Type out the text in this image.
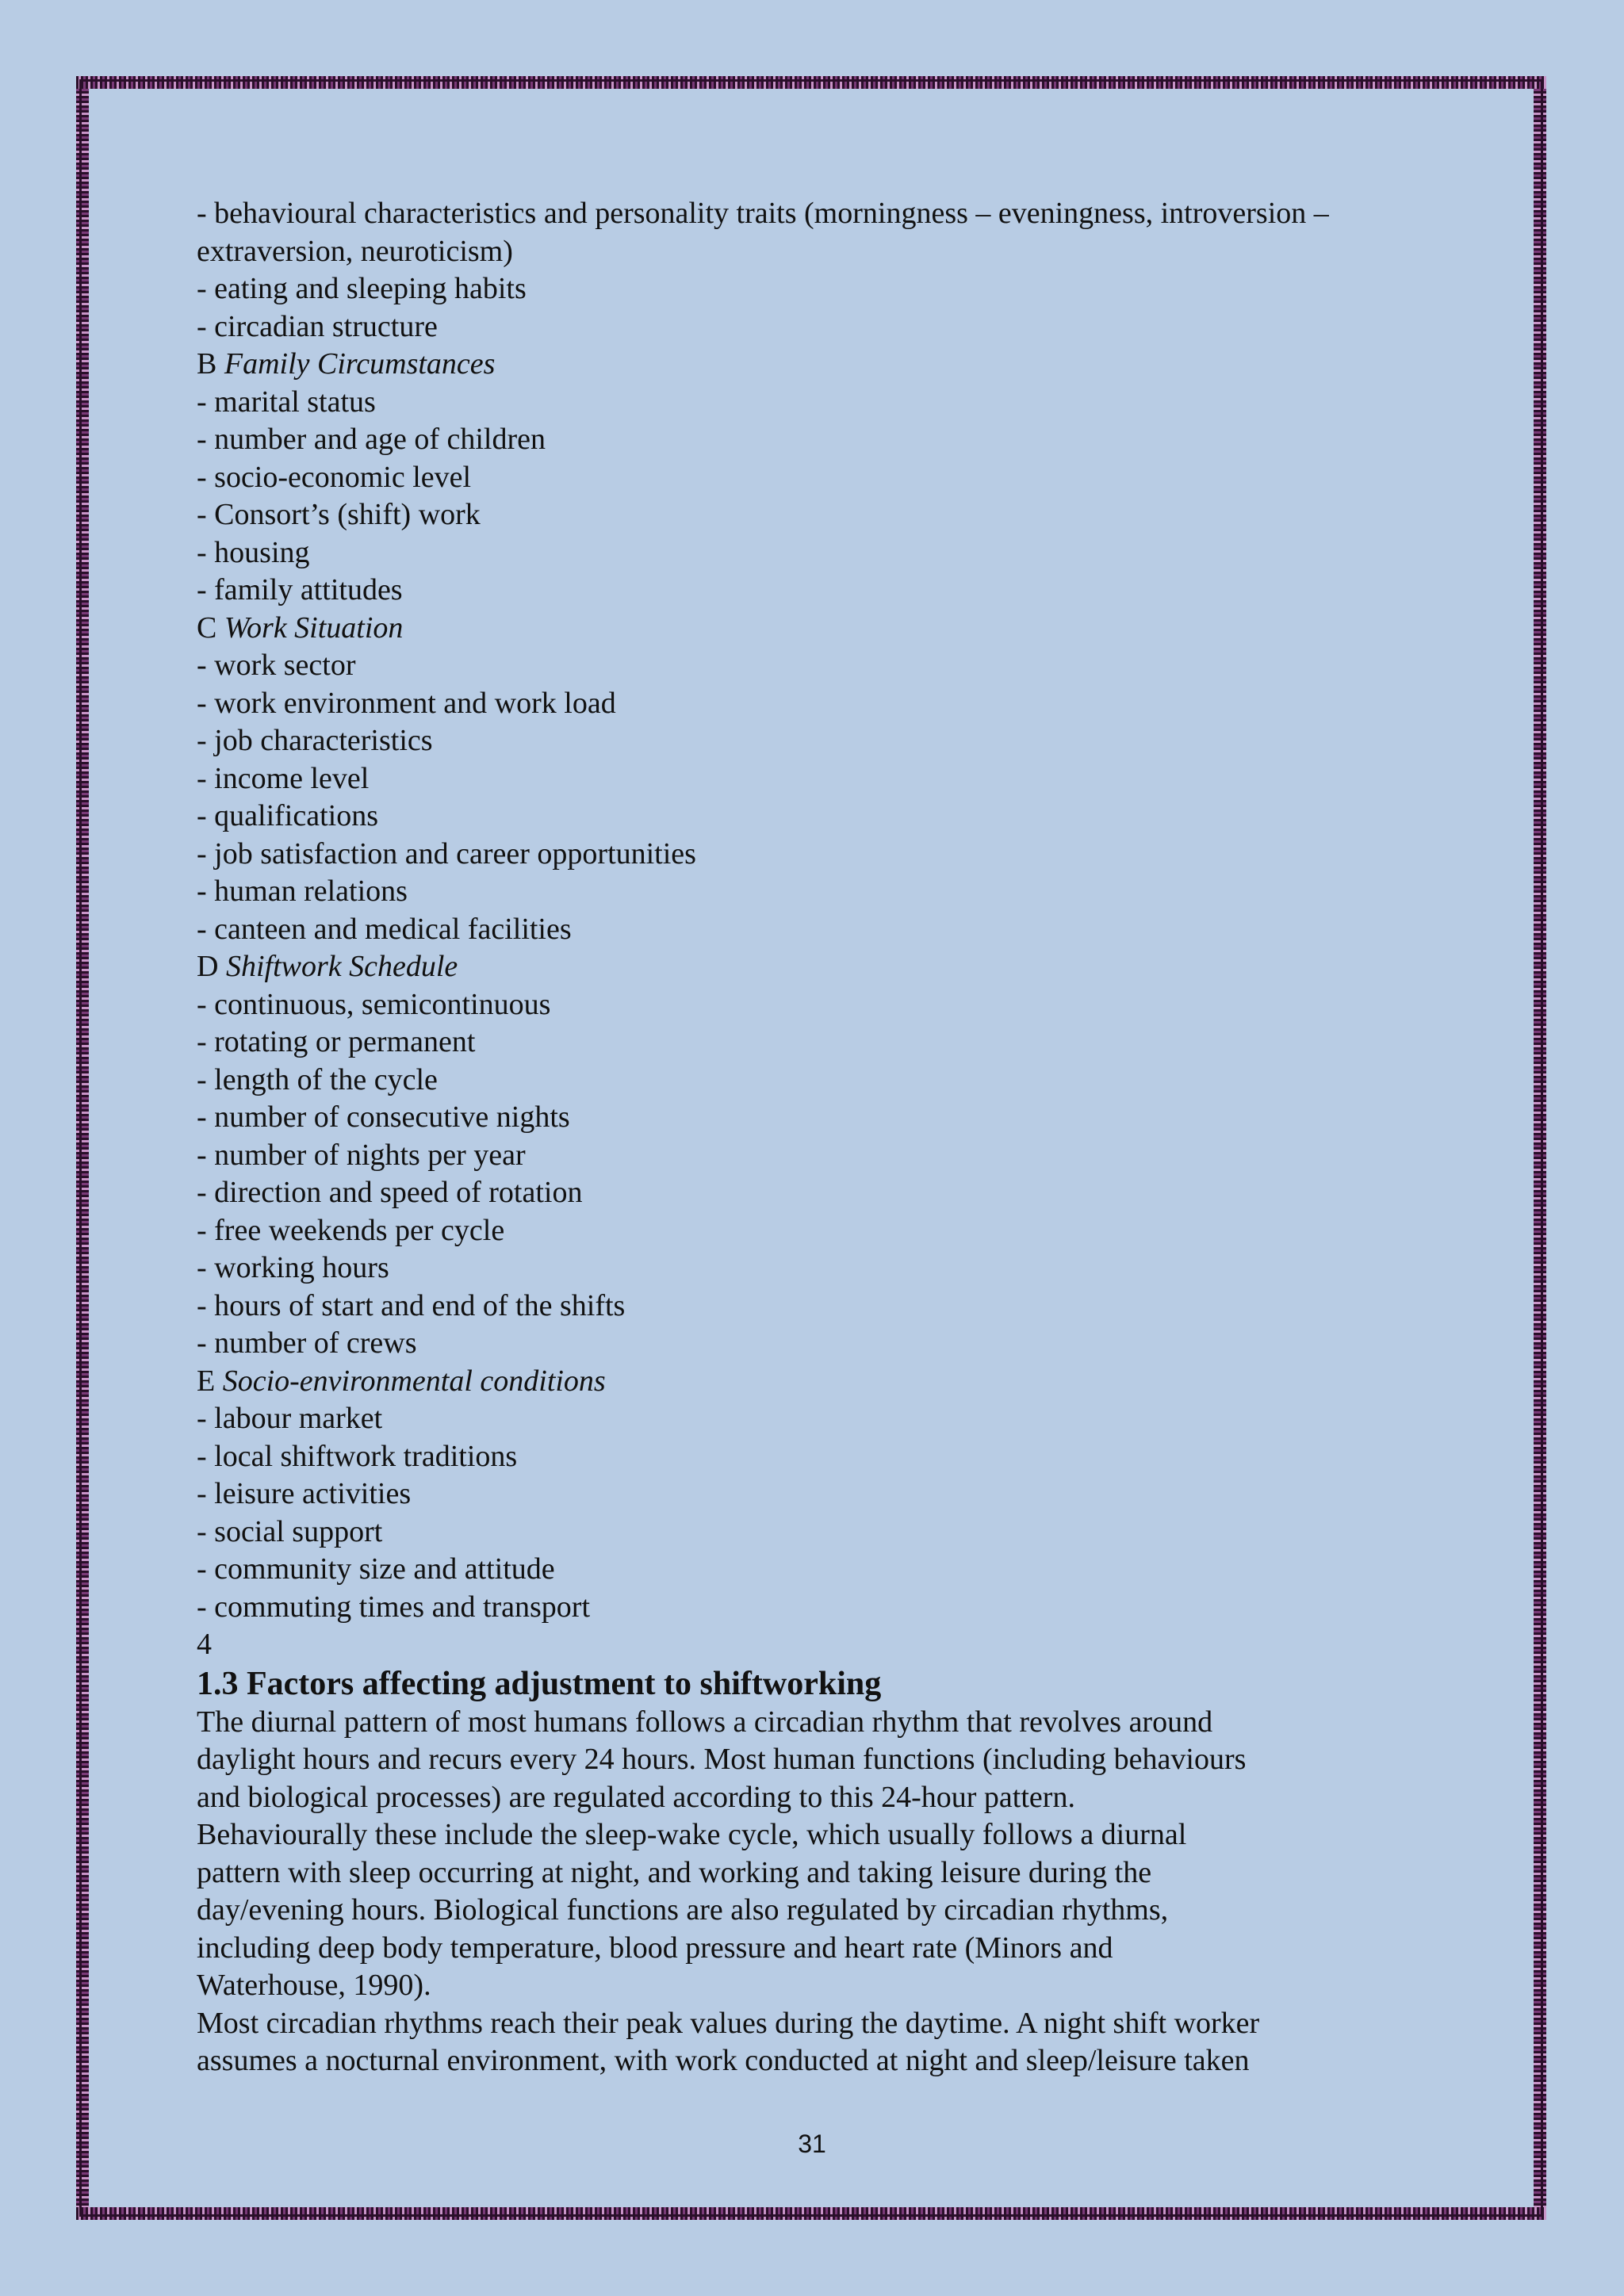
- behavioural characteristics and personality traits (morningness – eveningness, introversion –

extraversion, neuroticism)

- eating and sleeping habits

- circadian structure

B Family Circumstances

- marital status

- number and age of children

- socio-economic level

- Consort’s (shift) work

- housing

- family attitudes

C Work Situation

- work sector

- work environment and work load

- job characteristics

- income level

- qualifications

- job satisfaction and career opportunities

- human relations

- canteen and medical facilities

D Shiftwork Schedule

- continuous, semicontinuous

- rotating or permanent

- length of the cycle

- number of consecutive nights

- number of nights per year

- direction and speed of rotation

- free weekends per cycle

- working hours

- hours of start and end of the shifts

- number of crews

E Socio-environmental conditions

- labour market

- local shiftwork traditions

- leisure activities

- social support

- community size and attitude

- commuting times and transport

4

1.3 Factors affecting adjustment to shiftworking

The diurnal pattern of most humans follows a circadian rhythm that revolves around

daylight hours and recurs every 24 hours. Most human functions (including behaviours

and biological processes) are regulated according to this 24-hour pattern.

Behaviourally these include the sleep-wake cycle, which usually follows a diurnal

pattern with sleep occurring at night, and working and taking leisure during the

day/evening hours. Biological functions are also regulated by circadian rhythms,

including deep body temperature, blood pressure and heart rate (Minors and

Waterhouse, 1990).

Most circadian rhythms reach their peak values during the daytime. A night shift worker

assumes a nocturnal environment, with work conducted at night and sleep/leisure taken

31
